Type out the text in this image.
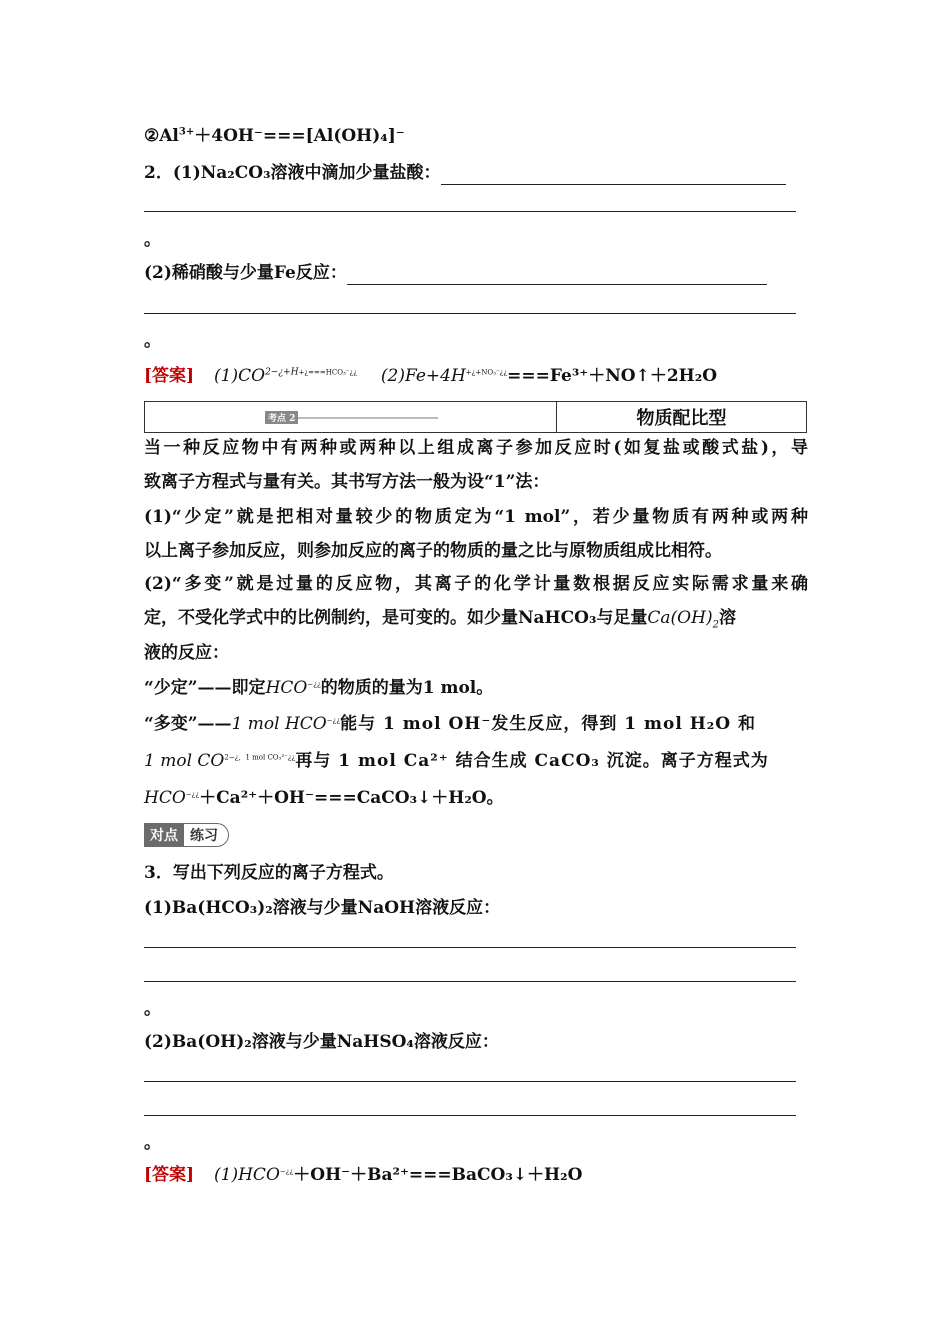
$②Al^{3+}+4OH^-===[Al(OH)_4]^-$
2．(1)Na₂CO₃溶液中滴加少量盐酸：
。
(2)稀硝酸与少量Fe反应：
。
[答案] $(1)CO^{2-¿+H+¿===HCO_3^-¿¿}$ $(2)Fe+4H^{+¿+NO_3^-¿¿}===Fe^{3+}+NO↑+2H_2O$
考点 2	物质配比型
当一种反应物中有两种或两种以上组成离子参加反应时(如复盐或酸式盐)，导
致离子方程式与量有关。其书写方法一般为设“1”法：
(1)“少定”就是把相对量较少的物质定为“1 mol”，若少量物质有两种或两种
以上离子参加反应，则参加反应的离子的物质的量之比与原物质组成比相符。
(2)“多变”就是过量的反应物，其离子的化学计量数根据反应实际需求量来确
定，不受化学式中的比例制约，是可变的。如少量NaHCO₃与足量$Ca(OH)_2$溶
液的反应：
“少定”——即定HCO−¿¿的物质的量为1 mol。
“多变”——1 mol HCO−¿¿能与 1 mol OH⁻发生反应，得到 1 mol H₂O 和
1 mol $CO^{2-¿,1 mol CO_3^{2-}¿¿}$再与 1 mol Ca²⁺ 结合生成 CaCO₃ 沉淀。离子方程式为
HCO−¿¿＋Ca²⁺＋OH⁻===CaCO₃↓＋H₂O。
对点 练习
3．写出下列反应的离子方程式。
(1)Ba(HCO₃)₂溶液与少量NaOH溶液反应：
。
(2)Ba(OH)₂溶液与少量NaHSO₄溶液反应：
。
[答案] (1)HCO−¿¿＋OH⁻＋Ba²⁺===BaCO₃↓＋H₂O
